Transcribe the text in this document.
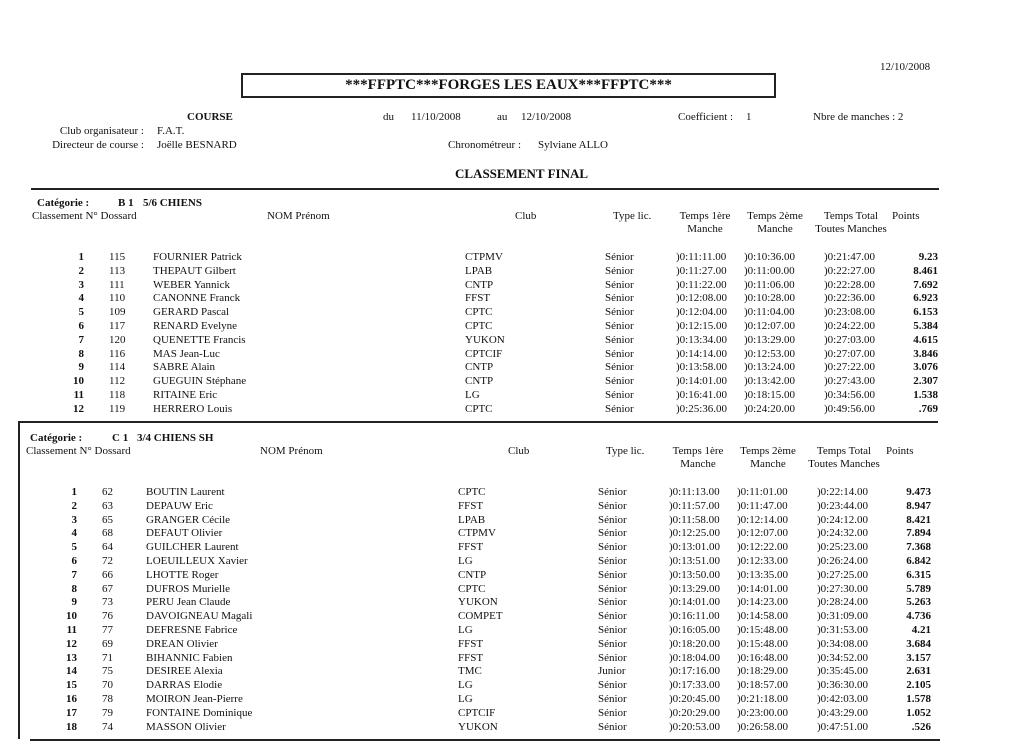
12/10/2008
***FFPTC***FORGES LES EAUX***FFPTC***
COURSE	du 11/10/2008	au 12/10/2008	Coefficient : 1	Nbre de manches : 2
Club organisateur : F.A.T.
Directeur de course : Joëlle BESNARD	Chronométreur : Sylviane ALLO
CLASSEMENT FINAL
Catégorie :	B 1 5/6 CHIENS
Classement N° Dossard	NOM Prénom	Club	Type lic.	Temps 1ère
Manche
Temps 2ème
Manche
Temps Total
Toutes Manches
Points
1 115	FOURNIER Patrick	CTPMV	Sénior	)0:11:11.00	)0:10:36.00	)0:21:47.00	9.23
2 113	THEPAUT Gilbert	LPAB	Sénior	)0:11:27.00	)0:11:00.00	)0:22:27.00	8.461
3 111	WEBER Yannick	CNTP	Sénior	)0:11:22.00	)0:11:06.00	)0:22:28.00	7.692
4 110	CANONNE Franck	FFST	Sénior	)0:12:08.00	)0:10:28.00	)0:22:36.00	6.923
5 109	GERARD Pascal	CPTC	Sénior	)0:12:04.00	)0:11:04.00	)0:23:08.00	6.153
6 117	RENARD Evelyne	CPTC	Sénior	)0:12:15.00	)0:12:07.00	)0:24:22.00	5.384
7 120	QUENETTE Francis	YUKON	Sénior	)0:13:34.00	)0:13:29.00	)0:27:03.00	4.615
8 116	MAS Jean-Luc	CPTCIF	Sénior	)0:14:14.00	)0:12:53.00	)0:27:07.00	3.846
9 114	SABRE Alain	CNTP	Sénior	)0:13:58.00	)0:13:24.00	)0:27:22.00	3.076
10 112	GUEGUIN Stéphane	CNTP	Sénior	)0:14:01.00	)0:13:42.00	)0:27:43.00	2.307
11 118	RITAINE Eric	LG	Sénior	)0:16:41.00	)0:18:15.00	)0:34:56.00	1.538
12 119	HERRERO Louis	CPTC	Sénior	)0:25:36.00	)0:24:20.00	)0:49:56.00	.769
Catégorie :	C 1 3/4 CHIENS SH
Classement N° Dossard	NOM Prénom	Club	Type lic.	Temps 1ère
Manche
Temps 2ème
Manche
Temps Total
Toutes Manches
Points
1 62	BOUTIN Laurent	CPTC	Sénior	)0:11:13.00	)0:11:01.00	)0:22:14.00	9.473
2 63	DEPAUW Eric	FFST	Sénior	)0:11:57.00	)0:11:47.00	)0:23:44.00	8.947
3 65	GRANGER Cécile	LPAB	Sénior	)0:11:58.00	)0:12:14.00	)0:24:12.00	8.421
4 68	DEFAUT Olivier	CTPMV	Sénior	)0:12:25.00	)0:12:07.00	)0:24:32.00	7.894
5 64	GUILCHER Laurent	FFST	Sénior	)0:13:01.00	)0:12:22.00	)0:25:23.00	7.368
6 72	LOEUILLEUX Xavier	LG	Sénior	)0:13:51.00	)0:12:33.00	)0:26:24.00	6.842
7 66	LHOTTE Roger	CNTP	Sénior	)0:13:50.00	)0:13:35.00	)0:27:25.00	6.315
8 67	DUFROS Murielle	CPTC	Sénior	)0:13:29.00	)0:14:01.00	)0:27:30.00	5.789
9 73	PERU Jean Claude	YUKON	Sénior	)0:14:01.00	)0:14:23.00	)0:28:24.00	5.263
10 76	DAVOIGNEAU Magali	COMPET	Sénior	)0:16:11.00	)0:14:58.00	)0:31:09.00	4.736
11 77	DEFRESNE Fabrice	LG	Sénior	)0:16:05.00	)0:15:48.00	)0:31:53.00	4.21
12 69	DREAN Olivier	FFST	Sénior	)0:18:20.00	)0:15:48.00	)0:34:08.00	3.684
13 71	BIHANNIC Fabien	FFST	Sénior	)0:18:04.00	)0:16:48.00	)0:34:52.00	3.157
14 75	DESIREE Alexia	TMC	Junior	)0:17:16.00	)0:18:29.00	)0:35:45.00	2.631
15 70	DARRAS Elodie	LG	Sénior	)0:17:33.00	)0:18:57.00	)0:36:30.00	2.105
16 78	MOIRON Jean-Pierre	LG	Sénior	)0:20:45.00	)0:21:18.00	)0:42:03.00	1.578
17 79	FONTAINE Dominique	CPTCIF	Sénior	)0:20:29.00	)0:23:00.00	)0:43:29.00	1.052
18 74	MASSON Olivier	YUKON	Sénior	)0:20:53.00	)0:26:58.00	)0:47:51.00	.526
